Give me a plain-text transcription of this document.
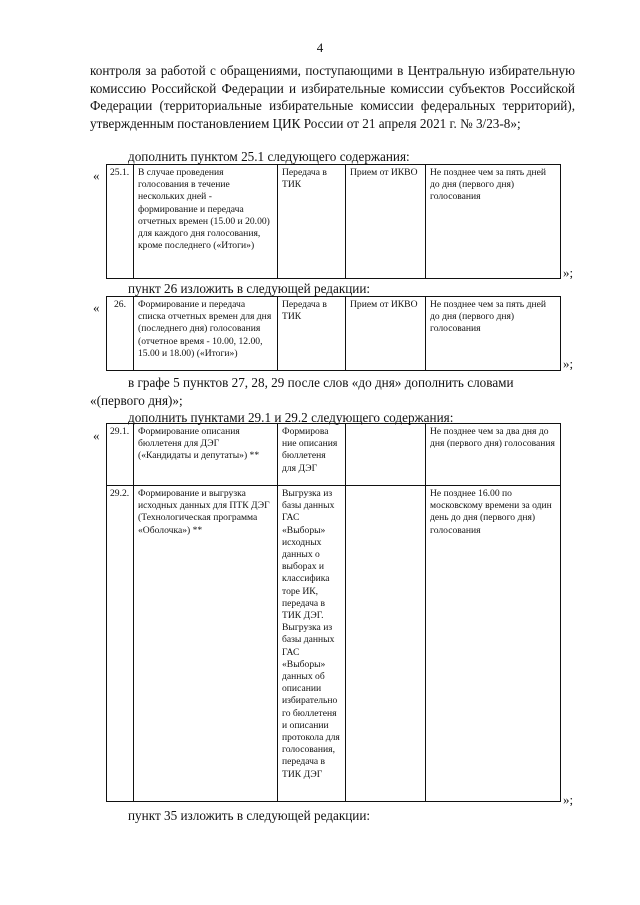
4
контроля за работой с обращениями, поступающими в Центральную избирательную комиссию Российской Федерации и избирательные комиссии субъектов Российской Федерации (территориальные избирательные комиссии федеральных территорий), утвержденным постановлением ЦИК России от 21 апреля 2021 г. № 3/23-8»;
дополнить пунктом 25.1 следующего содержания:
« 25.1.	В случае проведения голосования в течение нескольких дней - формирование и передача отчетных времен (15.00 и 20.00) для каждого дня голосования, кроме последнего («Итоги»)	Передача в ТИК	Прием от ИКВО	Не позднее чем за пять дней до дня (первого дня) голосования
»;
пункт 26 изложить в следующей редакции:
« 26.	Формирование и передача списка отчетных времен для дня (последнего дня) голосования (отчетное время - 10.00, 12.00, 15.00 и 18.00) («Итоги»)	Передача в ТИК	Прием от ИКВО	Не позднее чем за пять дней до дня (первого дня) голосования
»;
в графе 5 пунктов 27, 28, 29 после слов «до дня» дополнить словами
«(первого дня)»;
дополнить пунктами 29.1 и 29.2 следующего содержания:
« 29.1.	Формирование описания бюллетеня для ДЭГ («Кандидаты и депутаты») **	Формирова ние описания бюллетеня для ДЭГ		Не позднее чем за два дня до дня (первого дня) голосования
29.2.	Формирование и выгрузка исходных данных для ПТК ДЭГ (Технологическая программа «Оболочка») **	Выгрузка из базы данных ГАС «Выборы» исходных данных о выборах и классифика торе ИК, передача в ТИК ДЭГ. Выгрузка из базы данных ГАС «Выборы» данных об описании избирательно го бюллетеня и описании протокола для голосования, передача в ТИК ДЭГ		Не позднее 16.00 по московскому времени за один день до дня (первого дня) голосования
»;
пункт 35 изложить в следующей редакции:
